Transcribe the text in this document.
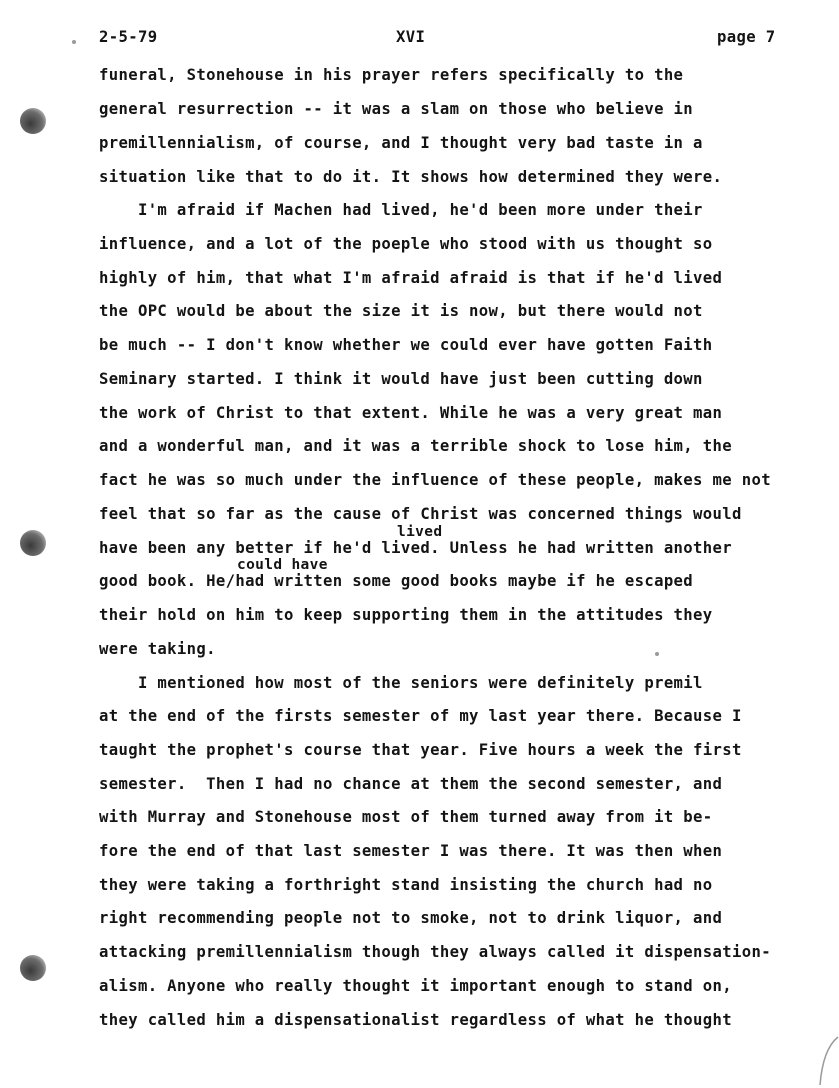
2-5-79	XVI	page 7
funeral, Stonehouse in his prayer refers specifically to the
general resurrection -- it was a slam on those who believe in
premillennialism, of course, and I thought very bad taste in a
situation like that to do it. It shows how determined they were.
I'm afraid if Machen had lived, he'd been more under their
influence, and a lot of the poeple who stood with us thought so
highly of him, that what I'm afraid afraid is that if he'd lived
the OPC would be about the size it is now, but there would not
be much -- I don't know whether we could ever have gotten Faith
Seminary started. I think it would have just been cutting down
the work of Christ to that extent. While he was a very great man
and a wonderful man, and it was a terrible shock to lose him, the
fact he was so much under the influence of these people, makes me not
feel that so far as the cause of Christ was concerned things would
lived
have been any better if he'd lived. Unless he had written another
could have
good book. He/had written some good books maybe if he escaped
their hold on him to keep supporting them in the attitudes they
were taking.
I mentioned how most of the seniors were definitely premil
at the end of the firsts semester of my last year there. Because I
taught the prophet's course that year. Five hours a week the first
semester.  Then I had no chance at them the second semester, and
with Murray and Stonehouse most of them turned away from it be-
fore the end of that last semester I was there. It was then when
they were taking a forthright stand insisting the church had no
right recommending people not to smoke, not to drink liquor, and
attacking premillennialism though they always called it dispensation-
alism. Anyone who really thought it important enough to stand on,
they called him a dispensationalist regardless of what he thought
